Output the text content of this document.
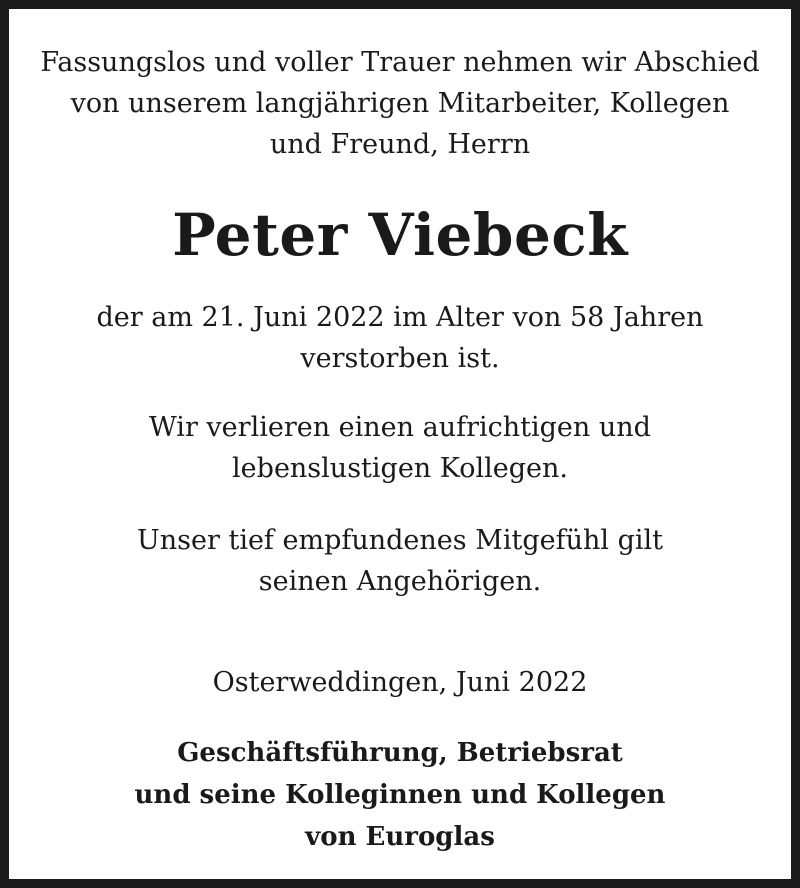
Fassungslos und voller Trauer nehmen wir Abschied
von unserem langjährigen Mitarbeiter, Kollegen
und Freund, Herrn
Peter Viebeck
der am 21. Juni 2022 im Alter von 58 Jahren
verstorben ist.
Wir verlieren einen aufrichtigen und
lebenslustigen Kollegen.
Unser tief empfundenes Mitgefühl gilt
seinen Angehörigen.
Osterweddingen, Juni 2022
Geschäftsführung, Betriebsrat
und seine Kolleginnen und Kollegen
von Euroglas
